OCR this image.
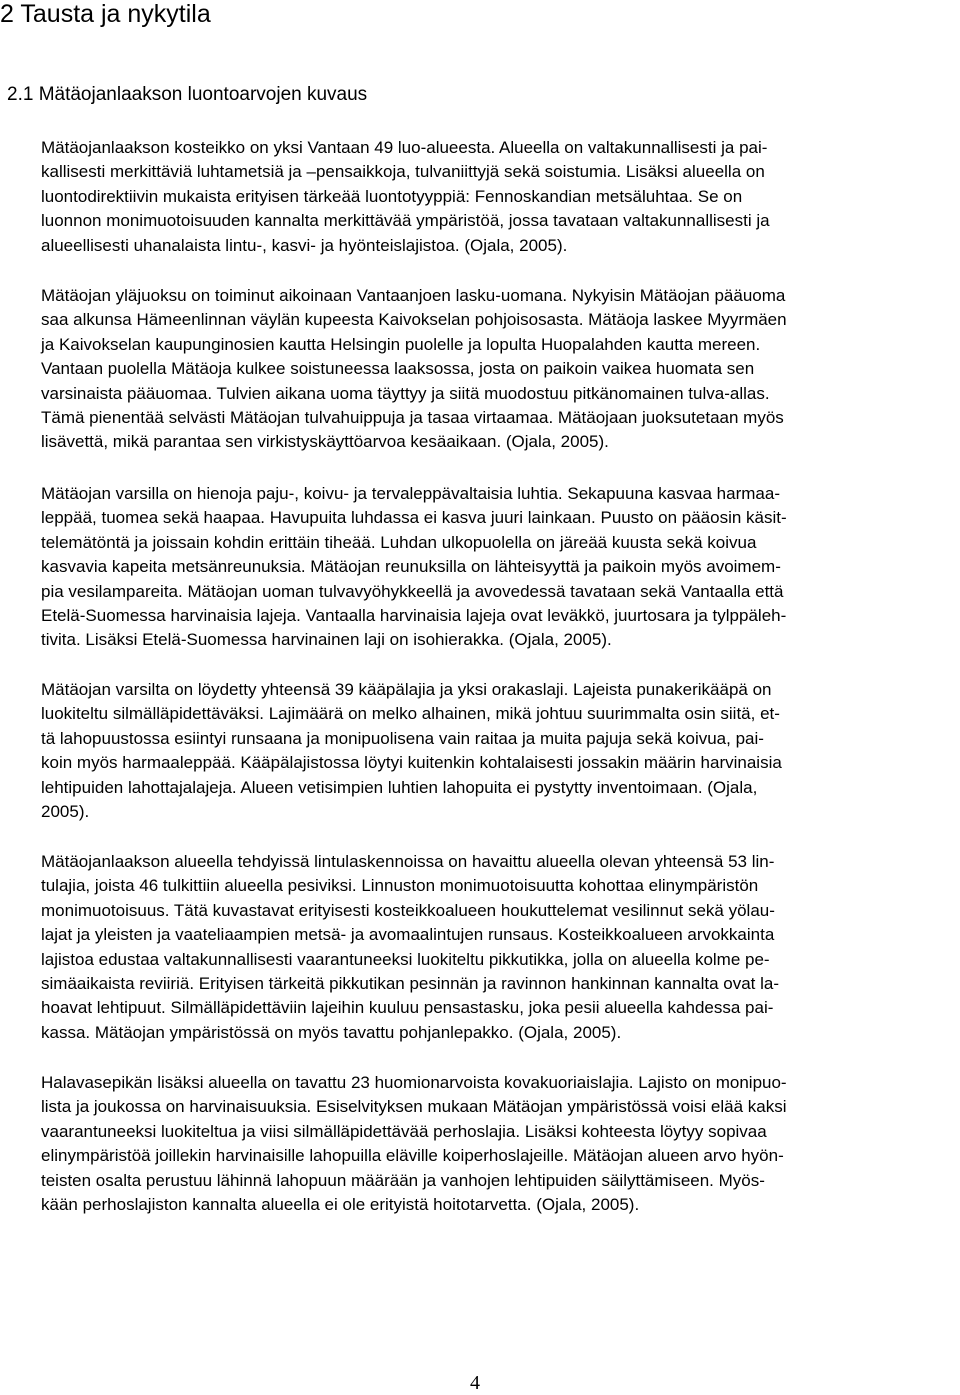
2 Tausta ja nykytila
2.1 Mätäojanlaakson luontoarvojen kuvaus
Mätäojanlaakson kosteikko on yksi Vantaan 49 luo-alueesta. Alueella on valtakunnallisesti ja pai-
kallisesti merkittäviä luhtametsiä ja –pensaikkoja, tulvaniittyjä sekä soistumia. Lisäksi alueella on
luontodirektiivin mukaista erityisen tärkeää luontotyyppiä: Fennoskandian metsäluhtaa. Se on
luonnon monimuotoisuuden kannalta merkittävää ympäristöä, jossa tavataan valtakunnallisesti ja
alueellisesti uhanalaista lintu-, kasvi- ja hyönteislajistoa. (Ojala, 2005).
Mätäojan yläjuoksu on toiminut aikoinaan Vantaanjoen lasku-uomana. Nykyisin Mätäojan pääuoma
saa alkunsa Hämeenlinnan väylän kupeesta Kaivokselan pohjoisosasta. Mätäoja laskee Myyrmäen
ja Kaivokselan kaupunginosien kautta Helsingin puolelle ja lopulta Huopalahden kautta mereen.
Vantaan puolella Mätäoja kulkee soistuneessa laaksossa, josta on paikoin vaikea huomata sen
varsinaista pääuomaa. Tulvien aikana uoma täyttyy ja siitä muodostuu pitkänomainen tulva-allas.
Tämä pienentää selvästi Mätäojan tulvahuippuja ja tasaa virtaamaa. Mätäojaan juoksutetaan myös
lisävettä, mikä parantaa sen virkistyskäyttöarvoa kesäaikaan. (Ojala, 2005).
Mätäojan varsilla on hienoja paju-, koivu- ja tervaleppävaltaisia luhtia. Sekapuuna kasvaa harmaa-
leppää, tuomea sekä haapaa. Havupuita luhdassa ei kasva juuri lainkaan. Puusto on pääosin käsit-
telemätöntä ja joissain kohdin erittäin tiheää. Luhdan ulkopuolella on järeää kuusta sekä koivua
kasvavia kapeita metsänreunuksia. Mätäojan reunuksilla on lähteisyyttä ja paikoin myös avoimem-
pia vesilampareita. Mätäojan uoman tulvavyöhykkeellä ja avovedessä tavataan sekä Vantaalla että
Etelä-Suomessa harvinaisia lajeja. Vantaalla harvinaisia lajeja ovat leväkkö, juurtosara ja tylppäleh-
tivita. Lisäksi Etelä-Suomessa harvinainen laji on isohierakka. (Ojala, 2005).
Mätäojan varsilta on löydetty yhteensä 39 kääpälajia ja yksi orakaslaji. Lajeista punakerikääpä on
luokiteltu silmälläpidettäväksi. Lajimäärä on melko alhainen, mikä johtuu suurimmalta osin siitä, et-
tä lahopuustossa esiintyi runsaana ja monipuolisena vain raitaa ja muita pajuja sekä koivua, pai-
koin myös harmaaleppää. Kääpälajistossa löytyi kuitenkin kohtalaisesti jossakin määrin harvinaisia
lehtipuiden lahottajalajeja. Alueen vetisimpien luhtien lahopuita ei pystytty inventoimaan. (Ojala,
2005).
Mätäojanlaakson alueella tehdyissä lintulaskennoissa on havaittu alueella olevan yhteensä 53 lin-
tulajia, joista 46 tulkittiin alueella pesiviksi. Linnuston monimuotoisuutta kohottaa elinympäristön
monimuotoisuus. Tätä kuvastavat erityisesti kosteikkoalueen houkuttelemat vesilinnut sekä yölau-
lajat ja yleisten ja vaateliaampien metsä- ja avomaalintujen runsaus. Kosteikkoalueen arvokkainta
lajistoa edustaa valtakunnallisesti vaarantuneeksi luokiteltu pikkutikka, jolla on alueella kolme pe-
simäaikaista reviiriä. Erityisen tärkeitä pikkutikan pesinnän ja ravinnon hankinnan kannalta ovat la-
hoavat lehtipuut. Silmälläpidettäviin lajeihin kuuluu pensastasku, joka pesii alueella kahdessa pai-
kassa. Mätäojan ympäristössä on myös tavattu pohjanlepakko. (Ojala, 2005).
Halavasepikän lisäksi alueella on tavattu 23 huomionarvoista kovakuoriaislajia. Lajisto on monipuo-
lista ja joukossa on harvinaisuuksia. Esiselvityksen mukaan Mätäojan ympäristössä voisi elää kaksi
vaarantuneeksi luokiteltua ja viisi silmälläpidettävää perhoslajia. Lisäksi kohteesta löytyy sopivaa
elinympäristöä joillekin harvinaisille lahopuilla eläville koiperhoslajeille. Mätäojan alueen arvo hyön-
teisten osalta perustuu lähinnä lahopuun määrään ja vanhojen lehtipuiden säilyttämiseen. Myös-
kään perhoslajiston kannalta alueella ei ole erityistä hoitotarvetta. (Ojala, 2005).
4
